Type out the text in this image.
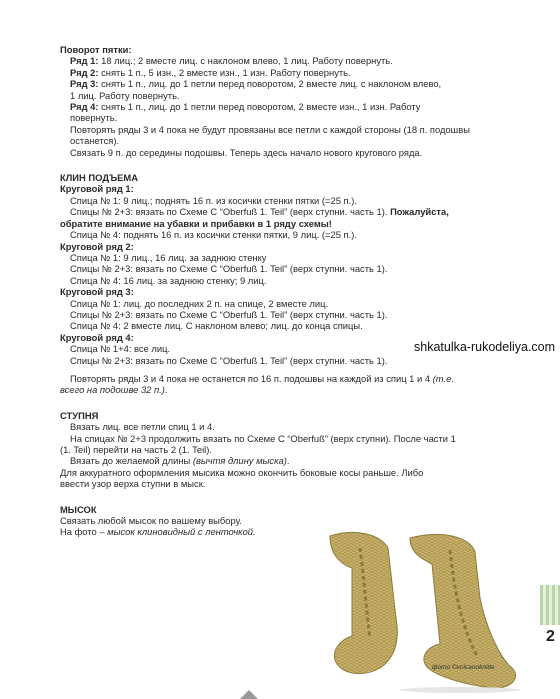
Поворот пятки:
Ряд 1: 18 лиц.; 2 вместе лиц. с наклоном влево, 1 лиц. Работу повернуть.
Ряд 2: снять 1 п., 5 изн., 2 вместе изн., 1 изн. Работу повернуть.
Ряд 3: снять 1 п., лиц. до 1 петли перед поворотом, 2 вместе лиц. с наклоном влево,
1 лиц. Работу повернуть.
Ряд 4: снять 1 п., лиц. до 1 петли перед поворотом, 2 вместе изн., 1 изн. Работу
повернуть.
Повторять ряды 3 и 4 пока не будут провязаны все петли с каждой стороны (18 п. подошвы
останется).
Связать 9 п. до середины подошвы. Теперь здесь начало нового кругового ряда.
КЛИН ПОДЪЕМА
Круговой ряд 1:
Спица № 1: 9 лиц.; поднять 16 п. из косички стенки пятки (=25 п.).
Спицы № 2+3: вязать по Схеме С “Oberfuß 1. Teil” (верх ступни. часть 1). Пожалуйста,
обратите внимание на убавки и прибавки в 1 ряду схемы!
Спица № 4: поднять 16 п. из косички стенки пятки, 9 лиц. (=25 п.).
Круговой ряд 2:
Спица № 1: 9 лиц., 16 лиц. за заднюю стенку
Спицы № 2+3: вязать по Схеме С “Oberfuß 1. Teil” (верх ступни. часть 1).
Спица № 4: 16 лиц. за заднюю стенку; 9 лиц.
Круговой ряд 3:
Спица № 1: лиц. до последних 2 п. на спице, 2 вместе лиц.
Спицы № 2+3: вязать по Схеме С “Oberfuß 1. Teil” (верх ступни. часть 1).
Спица № 4: 2 вместе лиц. С наклоном влево; лиц. до конца спицы.
Круговой ряд 4:
Спица № 1+4: все лиц.
Спицы № 2+3: вязать по Схеме С “Oberfuß 1. Teil” (верх ступни. часть 1).
Повторять ряды 3 и 4 пока не останется по 16 п. подошвы на каждой из спиц 1 и 4 (т.е.
всего на подошве 32 п.).
СТУПНЯ
Вязать лиц. все петли спиц 1 и 4.
На спицах № 2+3 продолжить вязать по Схеме С “Oberfuß” (верх ступни). После части 1
(1. Teil) перейти на часть 2 (1. Teil).
Вязать до желаемой длины (вычтя длину мыска).
Для аккуратного оформления мысика можно окончить боковые косы раньше. Либо
ввести узор верха ступни в мыск.
МЫСОК
Связать любой мысок по вашему выбору.
На фото – мысок клиновидный с ленточкой.
shkatulka-rukodeliya.com
фото ©volcanoknitte
2
